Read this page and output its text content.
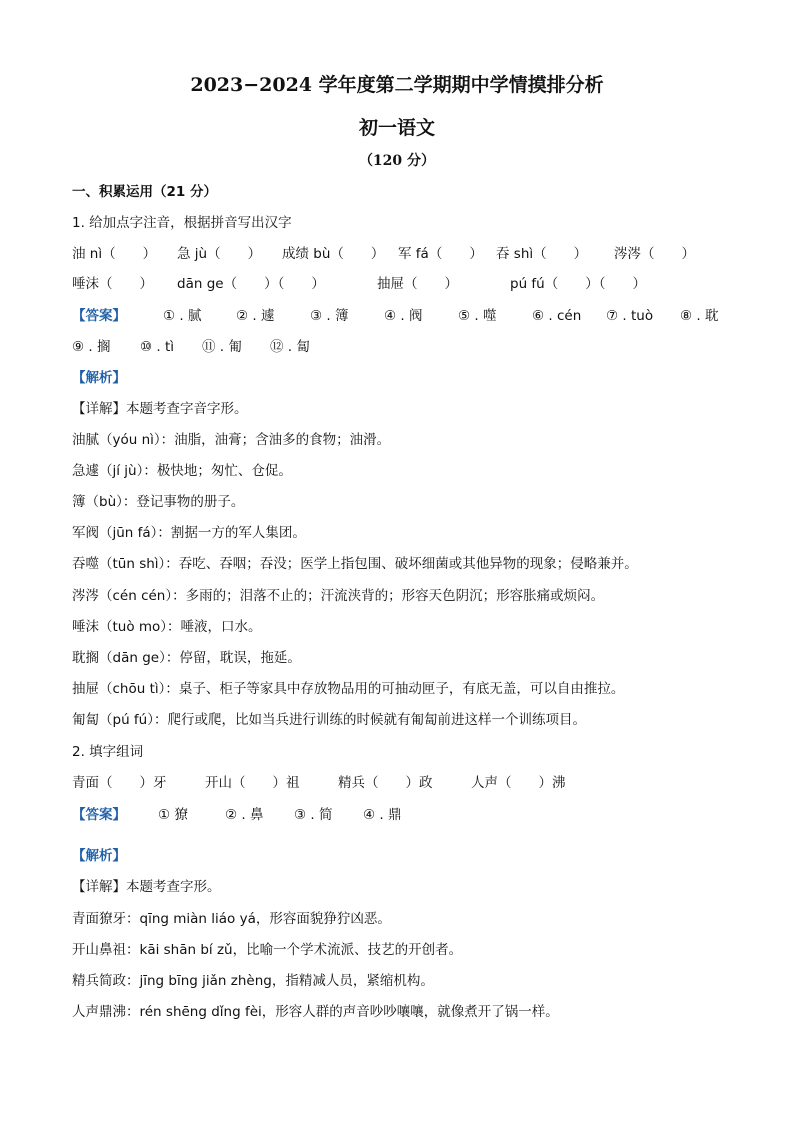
2023−2024 学年度第二学期期中学情摸排分析
初一语文
（120 分）
一、积累运用（21 分）
1. 给加点字注音，根据拼音写出汉字
油 nì（　　） 急 jù（　　） 成绩 bù（　　） 军 fá（　　） 吞 shì（　　） 涔涔（　　）
唾沫（　　） dān ge（　　）（　　）	抽屉（　　）	pú fú（　　）（　　）
【答案】	① . 腻	② . 遽	③ . 簿	④ . 阀	⑤ . 噬	⑥ . cén ⑦ . tuò ⑧ . 耽
⑨ . 搁 ⑩ . tì ⑪ . 匍 ⑫ . 匐
【解析】
【详解】本题考查字音字形。
油腻（yóu nì）：油脂，油膏；含油多的食物；油滑。
急遽（jí jù）：极快地；匆忙、仓促。
簿（bù）：登记事物的册子。
军阀（jūn fá）：割据一方的军人集团。
吞噬（tūn shì）：吞吃、吞咽；吞没；医学上指包围、破坏细菌或其他异物的现象；侵略兼并。
涔涔（cén cén）：多雨的；泪落不止的；汗流浃背的；形容天色阴沉；形容胀痛或烦闷。
唾沫（tuò mo）：唾液，口水。
耽搁（dān ge）：停留，耽误，拖延。
抽屉（chōu tì）：桌子、柜子等家具中存放物品用的可抽动匣子，有底无盖，可以自由推拉。
匍匐（pú fú）：爬行或爬，比如当兵进行训练的时候就有匍匐前进这样一个训练项目。
2. 填字组词
青面（　　）牙	开山（　　）祖	精兵（　　）政	人声（　　）沸
【答案】 ① 獠	② . 鼻 ③ . 简 ④ . 鼎
【解析】
【详解】本题考查字形。
青面獠牙：qīng miàn liáo yá，形容面貌狰狞凶恶。
开山鼻祖：kāi shān bí zǔ，比喻一个学术流派、技艺的开创者。
精兵简政：jīng bīng jiǎn zhèng，指精减人员，紧缩机构。
人声鼎沸：rén shēng dǐng fèi，形容人群的声音吵吵嚷嚷，就像煮开了锅一样。
